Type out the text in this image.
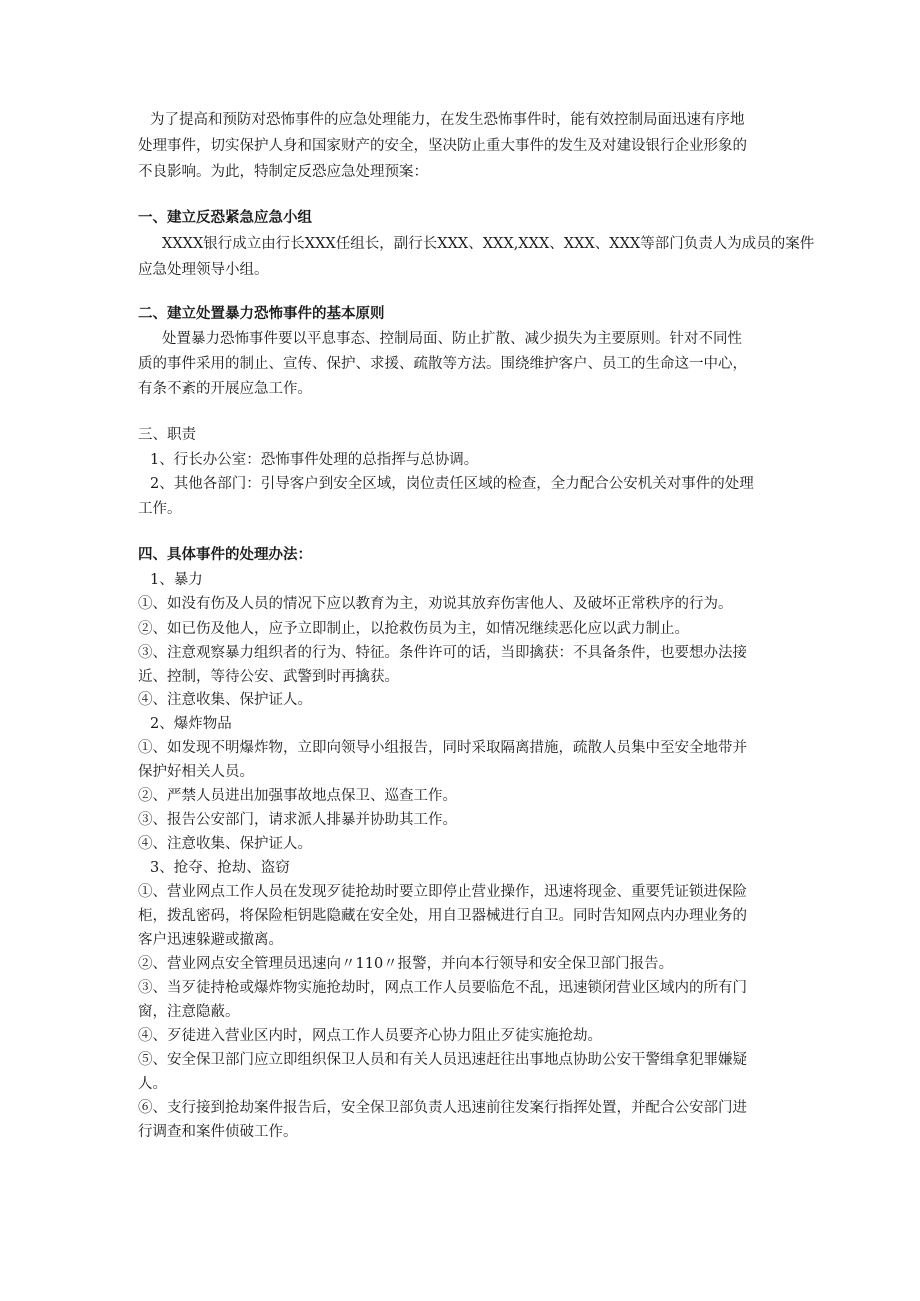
为了提高和预防对恐怖事件的应急处理能力，在发生恐怖事件时，能有效控制局面迅速有序地
处理事件，切实保护人身和国家财产的安全，坚决防止重大事件的发生及对建设银行企业形象的
不良影响。为此，特制定反恐应急处理预案：
一、建立反恐紧急应急小组
XXXX银行成立由行长XXX任组长，副行长XXX、XXX,XXX、XXX、XXX等部门负责人为成员的案件
应急处理领导小组。
二、建立处置暴力恐怖事件的基本原则
处置暴力恐怖事件要以平息事态、控制局面、防止扩散、减少损失为主要原则。针对不同性
质的事件采用的制止、宣传、保护、求援、疏散等方法。围绕维护客户、员工的生命这一中心，
有条不紊的开展应急工作。
三、职责
1、行长办公室：恐怖事件处理的总指挥与总协调。
2、其他各部门：引导客户到安全区域，岗位责任区域的检查，全力配合公安机关对事件的处理
工作。
四、具体事件的处理办法：
1、暴力
①、如没有伤及人员的情况下应以教育为主，劝说其放弃伤害他人、及破坏正常秩序的行为。
②、如已伤及他人，应予立即制止，以抢救伤员为主，如情况继续恶化应以武力制止。
③、注意观察暴力组织者的行为、特征。条件许可的话，当即擒获：不具备条件，也要想办法接
近、控制，等待公安、武警到时再擒获。
④、注意收集、保护证人。
2、爆炸物品
①、如发现不明爆炸物，立即向领导小组报告，同时采取隔离措施，疏散人员集中至安全地带并
保护好相关人员。
②、严禁人员进出加强事故地点保卫、巡查工作。
③、报告公安部门，请求派人排暴并协助其工作。
④、注意收集、保护证人。
3、抢夺、抢劫、盗窃
①、营业网点工作人员在发现歹徒抢劫时要立即停止营业操作，迅速将现金、重要凭证锁进保险
柜，拨乱密码，将保险柜钥匙隐藏在安全处，用自卫器械进行自卫。同时告知网点内办理业务的
客户迅速躲避或撤离。
②、营业网点安全管理员迅速向〃110〃报警，并向本行领导和安全保卫部门报告。
③、当歹徒持枪或爆炸物实施抢劫时，网点工作人员要临危不乱，迅速锁闭营业区域内的所有门
窗，注意隐蔽。
④、歹徒进入营业区内时，网点工作人员要齐心协力阻止歹徒实施抢劫。
⑤、安全保卫部门应立即组织保卫人员和有关人员迅速赶往出事地点协助公安干警缉拿犯罪嫌疑
人。
⑥、支行接到抢劫案件报告后，安全保卫部负责人迅速前往发案行指挥处置，并配合公安部门进
行调查和案件侦破工作。
